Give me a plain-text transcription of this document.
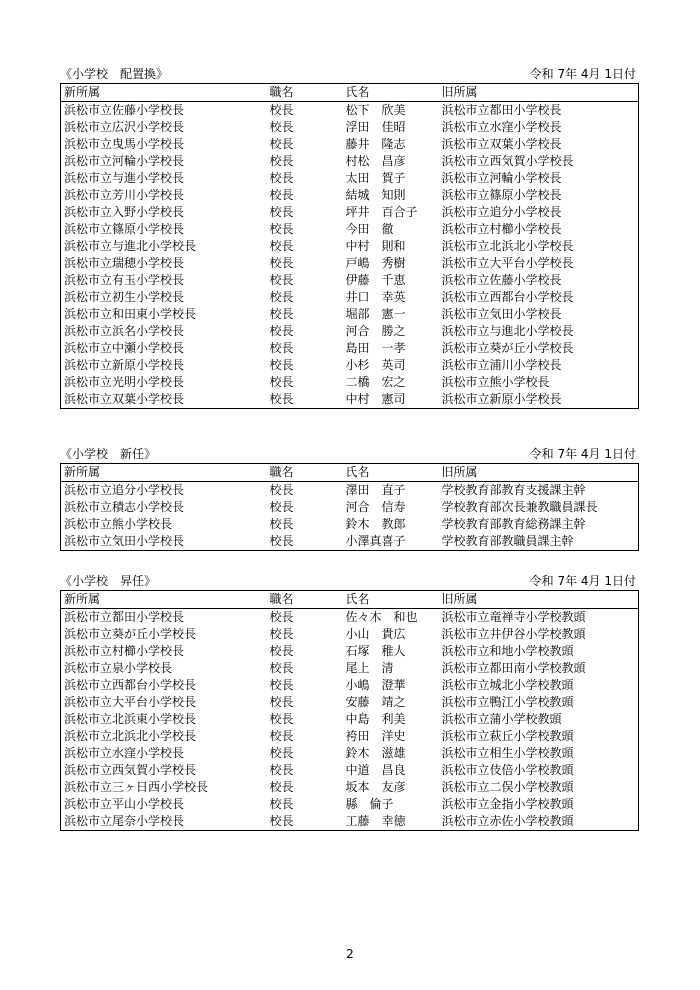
《小学校　配置換》	令和 7年 4月 1日付
新所属	職名	氏名	旧所属
浜松市立佐藤小学校長	校長	松下　欣美	浜松市立都田小学校長
浜松市立広沢小学校長	校長	浮田　佳昭	浜松市立水窪小学校長
浜松市立曳馬小学校長	校長	藤井　隆志	浜松市立双葉小学校長
浜松市立河輪小学校長	校長	村松　昌彦	浜松市立西気賀小学校長
浜松市立与進小学校長	校長	太田　賀子	浜松市立河輪小学校長
浜松市立芳川小学校長	校長	結城　知則	浜松市立篠原小学校長
浜松市立入野小学校長	校長	坪井　百合子	浜松市立追分小学校長
浜松市立篠原小学校長	校長	今田　徹	浜松市立村櫛小学校長
浜松市立与進北小学校長	校長	中村　則和	浜松市立北浜北小学校長
浜松市立瑞穂小学校長	校長	戸嶋　秀樹	浜松市立大平台小学校長
浜松市立有玉小学校長	校長	伊藤　千恵	浜松市立佐藤小学校長
浜松市立初生小学校長	校長	井口　幸英	浜松市立西都台小学校長
浜松市立和田東小学校長	校長	堀部　憲一	浜松市立気田小学校長
浜松市立浜名小学校長	校長	河合　勝之	浜松市立与進北小学校長
浜松市立中瀬小学校長	校長	島田　一孝	浜松市立葵が丘小学校長
浜松市立新原小学校長	校長	小杉　英司	浜松市立浦川小学校長
浜松市立光明小学校長	校長	二橋　宏之	浜松市立熊小学校長
浜松市立双葉小学校長	校長	中村　憲司	浜松市立新原小学校長
《小学校　新任》	令和 7年 4月 1日付
新所属	職名	氏名	旧所属
浜松市立追分小学校長	校長	澤田　直子	学校教育部教育支援課主幹
浜松市立積志小学校長	校長	河合　信寿	学校教育部次長兼教職員課長
浜松市立熊小学校長	校長	鈴木　教郎	学校教育部教育総務課主幹
浜松市立気田小学校長	校長	小澤真喜子	学校教育部教職員課主幹
《小学校　昇任》	令和 7年 4月 1日付
新所属	職名	氏名	旧所属
浜松市立都田小学校長	校長	佐々木　和也	浜松市立竜禅寺小学校教頭
浜松市立葵が丘小学校長	校長	小山　貴広	浜松市立井伊谷小学校教頭
浜松市立村櫛小学校長	校長	石塚　稚人	浜松市立和地小学校教頭
浜松市立泉小学校長	校長	尾上　清	浜松市立都田南小学校教頭
浜松市立西都台小学校長	校長	小嶋　澄華	浜松市立城北小学校教頭
浜松市立大平台小学校長	校長	安藤　靖之	浜松市立鴨江小学校教頭
浜松市立北浜東小学校長	校長	中島　利美	浜松市立蒲小学校教頭
浜松市立北浜北小学校長	校長	袴田　洋史	浜松市立萩丘小学校教頭
浜松市立水窪小学校長	校長	鈴木　滋雄	浜松市立相生小学校教頭
浜松市立西気賀小学校長	校長	中道　昌良	浜松市立伎倍小学校教頭
浜松市立三ヶ日西小学校長	校長	坂本　友彦	浜松市立二俣小学校教頭
浜松市立平山小学校長	校長	縣　倫子	浜松市立金指小学校教頭
浜松市立尾奈小学校長	校長	工藤　幸徳	浜松市立赤佐小学校教頭
2
